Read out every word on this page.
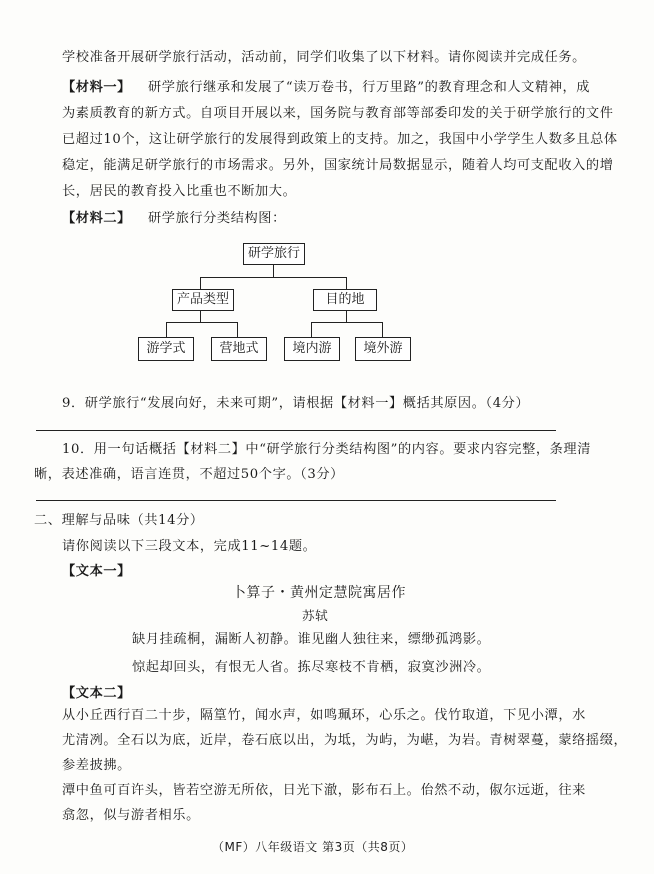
学校准备开展研学旅行活动，活动前，同学们收集了以下材料。请你阅读并完成任务。
【材料一】 研学旅行继承和发展了“读万卷书，行万里路”的教育理念和人文精神，成
为素质教育的新方式。自项目开展以来，国务院与教育部等部委印发的关于研学旅行的文件
已超过10个，这让研学旅行的发展得到政策上的支持。加之，我国中小学学生人数多且总体
稳定，能满足研学旅行的市场需求。另外，国家统计局数据显示，随着人均可支配收入的增
长，居民的教育投入比重也不断加大。
【材料二】 研学旅行分类结构图：
研学旅行
产品类型	目的地
游学式	营地式	境内游	境外游
9．研学旅行“发展向好，未来可期”，请根据【材料一】概括其原因。（4分）
10．用一句话概括【材料二】中“研学旅行分类结构图”的内容。要求内容完整，条理清
晰，表述准确，语言连贯，不超过50个字。（3分）
二、理解与品味（共14分）
请你阅读以下三段文本，完成11~14题。
【文本一】
卜算子・黄州定慧院寓居作
苏轼
缺月挂疏桐，漏断人初静。谁见幽人独往来，缥缈孤鸿影。
惊起却回头，有恨无人省。拣尽寒枝不肯栖，寂寞沙洲冷。
【文本二】
从小丘西行百二十步，隔篁竹，闻水声，如鸣珮环，心乐之。伐竹取道，下见小潭，水
尤清冽。全石以为底，近岸，卷石底以出，为坻，为屿，为嵁，为岩。青树翠蔓，蒙络摇缀，
参差披拂。
潭中鱼可百许头，皆若空游无所依，日光下澈，影布石上。佁然不动，俶尔远逝，往来
翕忽，似与游者相乐。
（MF）八年级语文 第3页（共8页）
